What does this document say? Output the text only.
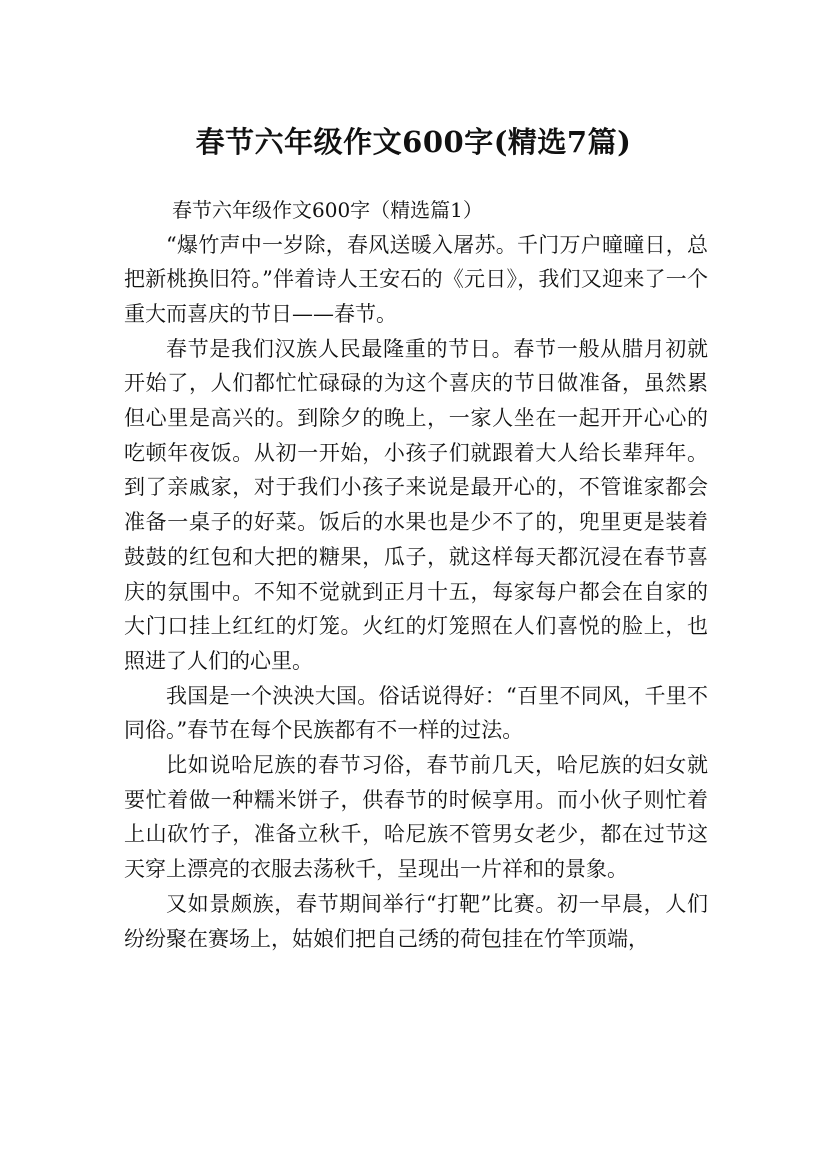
春节六年级作文600字(精选7篇)

春节六年级作文600字（精选篇1）

“爆竹声中一岁除，春风送暖入屠苏。千门万户曈曈日，总把新桃换旧符。”伴着诗人王安石的《元日》，我们又迎来了一个重大而喜庆的节日——春节。

春节是我们汉族人民最隆重的节日。春节一般从腊月初就开始了，人们都忙忙碌碌的为这个喜庆的节日做准备，虽然累但心里是高兴的。到除夕的晚上，一家人坐在一起开开心心的吃顿年夜饭。从初一开始，小孩子们就跟着大人给长辈拜年。到了亲戚家，对于我们小孩子来说是最开心的，不管谁家都会准备一桌子的好菜。饭后的水果也是少不了的，兜里更是装着鼓鼓的红包和大把的糖果，瓜子，就这样每天都沉浸在春节喜庆的氛围中。不知不觉就到正月十五，每家每户都会在自家的大门口挂上红红的灯笼。火红的灯笼照在人们喜悦的脸上，也照进了人们的心里。

我国是一个泱泱大国。俗话说得好：“百里不同风，千里不同俗。”春节在每个民族都有不一样的过法。

比如说哈尼族的春节习俗，春节前几天，哈尼族的妇女就要忙着做一种糯米饼子，供春节的时候享用。而小伙子则忙着上山砍竹子，准备立秋千，哈尼族不管男女老少，都在过节这天穿上漂亮的衣服去荡秋千，呈现出一片祥和的景象。

又如景颇族，春节期间举行“打靶”比赛。初一早晨，人们纷纷聚在赛场上，姑娘们把自己绣的荷包挂在竹竿顶端，
